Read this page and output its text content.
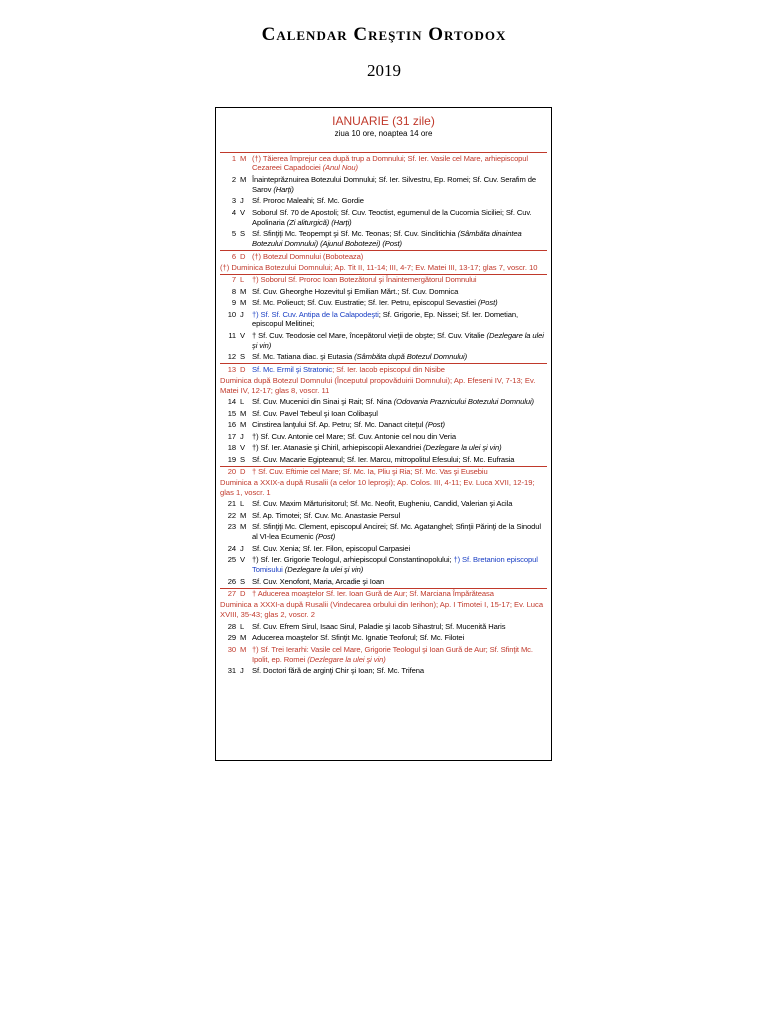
Calendar Creştin Ortodox
2019
IANUARIE (31 zile)
ziua 10 ore, noaptea 14 ore
1 M (†) Tăierea împrejur cea după trup a Domnului; Sf. Ier. Vasile cel Mare, arhiepiscopul Cezareei Capadociei (Anul Nou)
2 M Înainteprăznuirea Botezului Domnului; Sf. Ier. Silvestru, Ep. Romei; Sf. Cuv. Serafim de Sarov (Harţi)
3 J	Sf. Proroc Maleahi; Sf. Mc. Gordie
4 V Soborul Sf. 70 de Apostoli; Sf. Cuv. Teoctist, egumenul de la Cucomia Siciliei; Sf. Cuv. Apolinaria (Zi aliturgică) (Harţi)
5 S Sf. Sfinţiţi Mc. Teopempt şi Sf. Mc. Teonas; Sf. Cuv. Sinclitichia (Sâmbăta dinaintea Botezului Domnului) (Ajunul Bobotezei) (Post)
6 D (†) Botezul Domnului (Boboteaza)
(†) Duminica Botezului Domnului; Ap. Tit II, 11-14; III, 4-7; Ev. Matei III, 13-17; glas 7, voscr. 10
7 L	†) Soborul Sf. Proroc Ioan Botezătorul şi Înaintemergătorul Domnului
8 M Sf. Cuv. Gheorghe Hozevitul şi Emilian Mărt.; Sf. Cuv. Domnica
9 M Sf. Mc. Polieuct; Sf. Cuv. Eustratie; Sf. Ier. Petru, episcopul Sevastiei (Post)
10 J	†) Sf. Sf. Cuv. Antipa de la Calapodeşti; Sf. Grigorie, Ep. Nissei; Sf. Ier. Dometian, episcopul Melitinei;
11 V † Sf. Cuv. Teodosie cel Mare, începătorul vieţii de obşte; Sf. Cuv. Vitalie (Dezlegare la ulei şi vin)
12 S Sf. Mc. Tatiana diac. şi Eutasia (Sâmbăta după Botezul Domnului)
13 D Sf. Mc. Ermil şi Stratonic; Sf. Ier. Iacob episcopul din Nisibe
Duminica după Botezul Domnului (Începutul propovăduirii Domnului); Ap. Efeseni IV, 7-13; Ev. Matei IV, 12-17; glas 8, voscr. 11
14 L	Sf. Cuv. Mucenici din Sinai şi Rait; Sf. Nina (Odovania Praznicului Botezului Domnului)
15 M Sf. Cuv. Pavel Tebeul şi Ioan Colibaşul
16 M Cinstirea lanţului Sf. Ap. Petru; Sf. Mc. Danact citeţul (Post)
17 J	†) Sf. Cuv. Antonie cel Mare; Sf. Cuv. Antonie cel nou din Veria
18 V †) Sf. Ier. Atanasie şi Chiril, arhiepiscopii Alexandriei (Dezlegare la ulei şi vin)
19 S Sf. Cuv. Macarie Egipteanul; Sf. Ier. Marcu, mitropolitul Efesului; Sf. Mc. Eufrasia
20 D † Sf. Cuv. Eftimie cel Mare; Sf. Mc. Ia, Pliu şi Ria; Sf. Mc. Vas şi Eusebiu
Duminica a XXIX-a după Rusalii (a celor 10 leproşi); Ap. Colos. III, 4-11; Ev. Luca XVII, 12-19; glas 1, voscr. 1
21 L	Sf. Cuv. Maxim Mărturisitorul; Sf. Mc. Neofit, Eugheniu, Candid, Valerian şi Acila
22 M Sf. Ap. Timotei; Sf. Cuv. Mc. Anastasie Persul
23 M Sf. Sfinţiţi Mc. Clement, episcopul Ancirei; Sf. Mc. Agatanghel; Sfinţii Părinţi de la Sinodul al VI-lea Ecumenic (Post)
24 J	Sf. Cuv. Xenia; Sf. Ier. Filon, episcopul Carpasiei
25 V †) Sf. Ier. Grigorie Teologul, arhiepiscopul Constantinopolului; †) Sf. Bretanion episcopul Tomisului (Dezlegare la ulei şi vin)
26 S Sf. Cuv. Xenofont, Maria, Arcadie şi Ioan
27 D † Aducerea moaştelor Sf. Ier. Ioan Gură de Aur; Sf. Marciana Împărăteasa
Duminica a XXXI-a după Rusalii (Vindecarea orbului din Ierihon); Ap. I Timotei I, 15-17; Ev. Luca XVIII, 35-43; glas 2, voscr. 2
28 L	Sf. Cuv. Efrem Sirul, Isaac Sirul, Paladie şi Iacob Sihastrul; Sf. Mucenită Haris
29 M Aducerea moaştelor Sf. Sfinţit Mc. Ignatie Teoforul; Sf. Mc. Filotei
30 M †) Sf. Trei Ierarhi: Vasile cel Mare, Grigorie Teologul şi Ioan Gură de Aur; Sf. Sfinţit Mc. Ipolit, ep. Romei (Dezlegare la ulei şi vin)
31 J	Sf. Doctori fără de arginţi Chir şi Ioan; Sf. Mc. Trifena
